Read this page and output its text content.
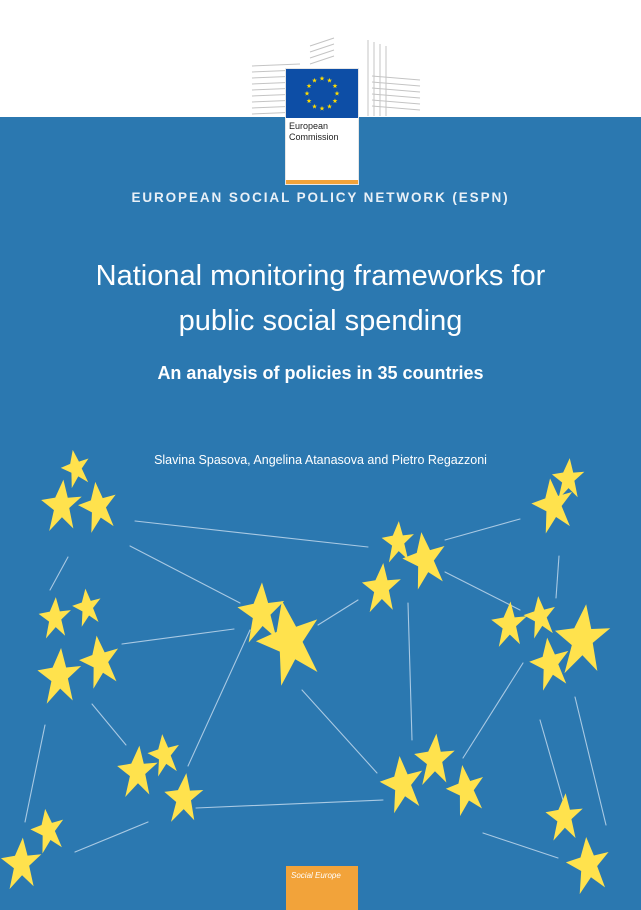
European
Commission
EUROPEAN SOCIAL POLICY NETWORK (ESPN)
National monitoring frameworks for
public social spending
An analysis of policies in 35 countries
Slavina Spasova, Angelina Atanasova and Pietro Regazzoni
Social Europe
